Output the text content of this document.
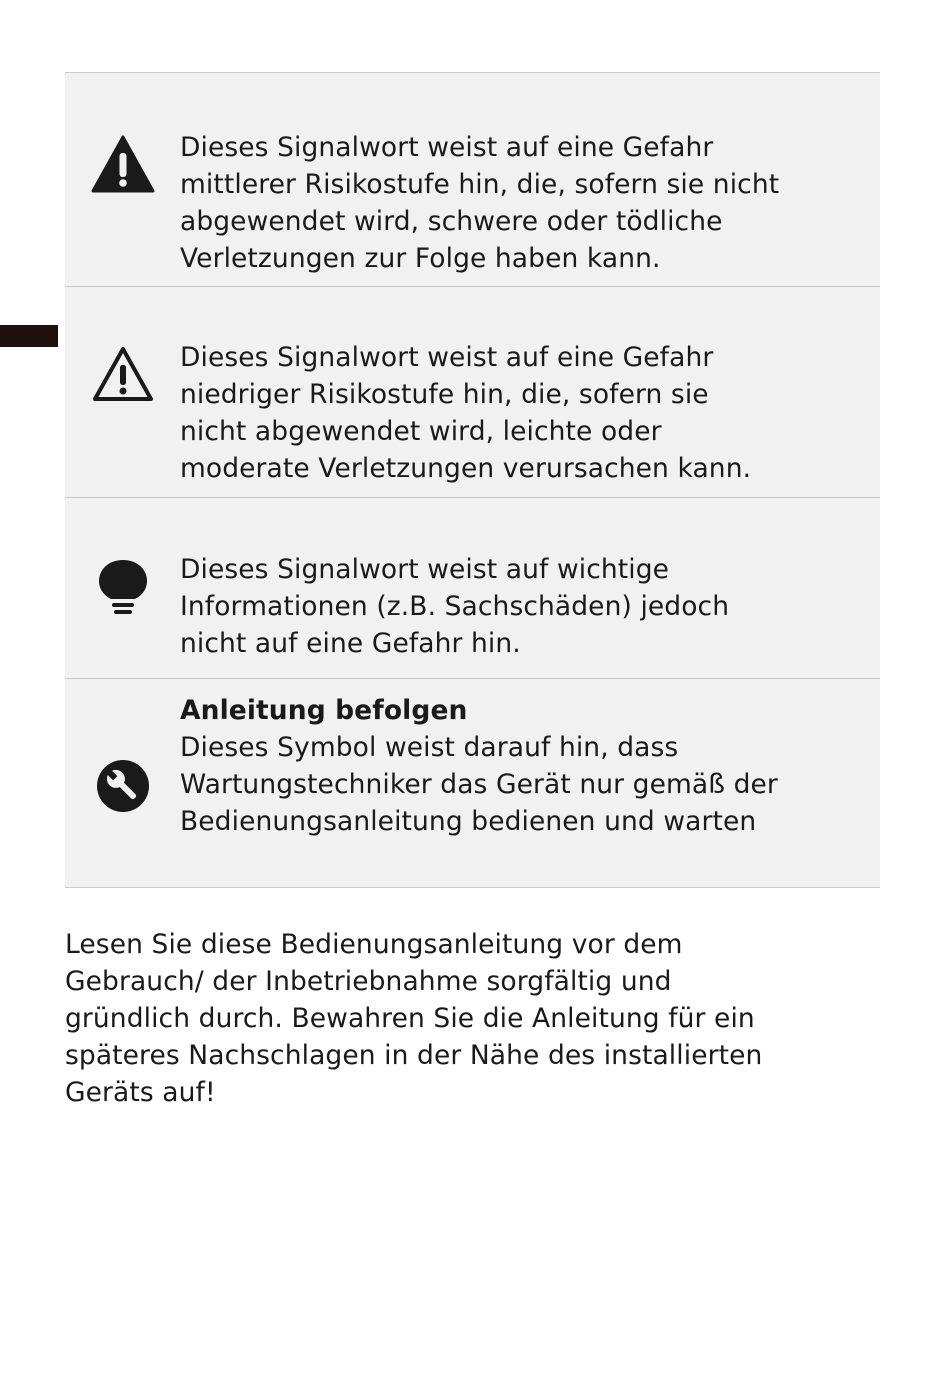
Dieses Signalwort weist auf eine Gefahr
mittlerer Risikostufe hin, die, sofern sie nicht
abgewendet wird, schwere oder tödliche
Verletzungen zur Folge haben kann.
Dieses Signalwort weist auf eine Gefahr
niedriger Risikostufe hin, die, sofern sie
nicht abgewendet wird, leichte oder
moderate Verletzungen verursachen kann.
Dieses Signalwort weist auf wichtige
Informationen (z.B. Sachschäden) jedoch
nicht auf eine Gefahr hin.
Anleitung befolgen
Dieses Symbol weist darauf hin, dass
Wartungstechniker das Gerät nur gemäß der
Bedienungsanleitung bedienen und warten
Lesen Sie diese Bedienungsanleitung vor dem
Gebrauch/ der Inbetriebnahme sorgfältig und
gründlich durch. Bewahren Sie die Anleitung für ein
späteres Nachschlagen in der Nähe des installierten
Geräts auf!
